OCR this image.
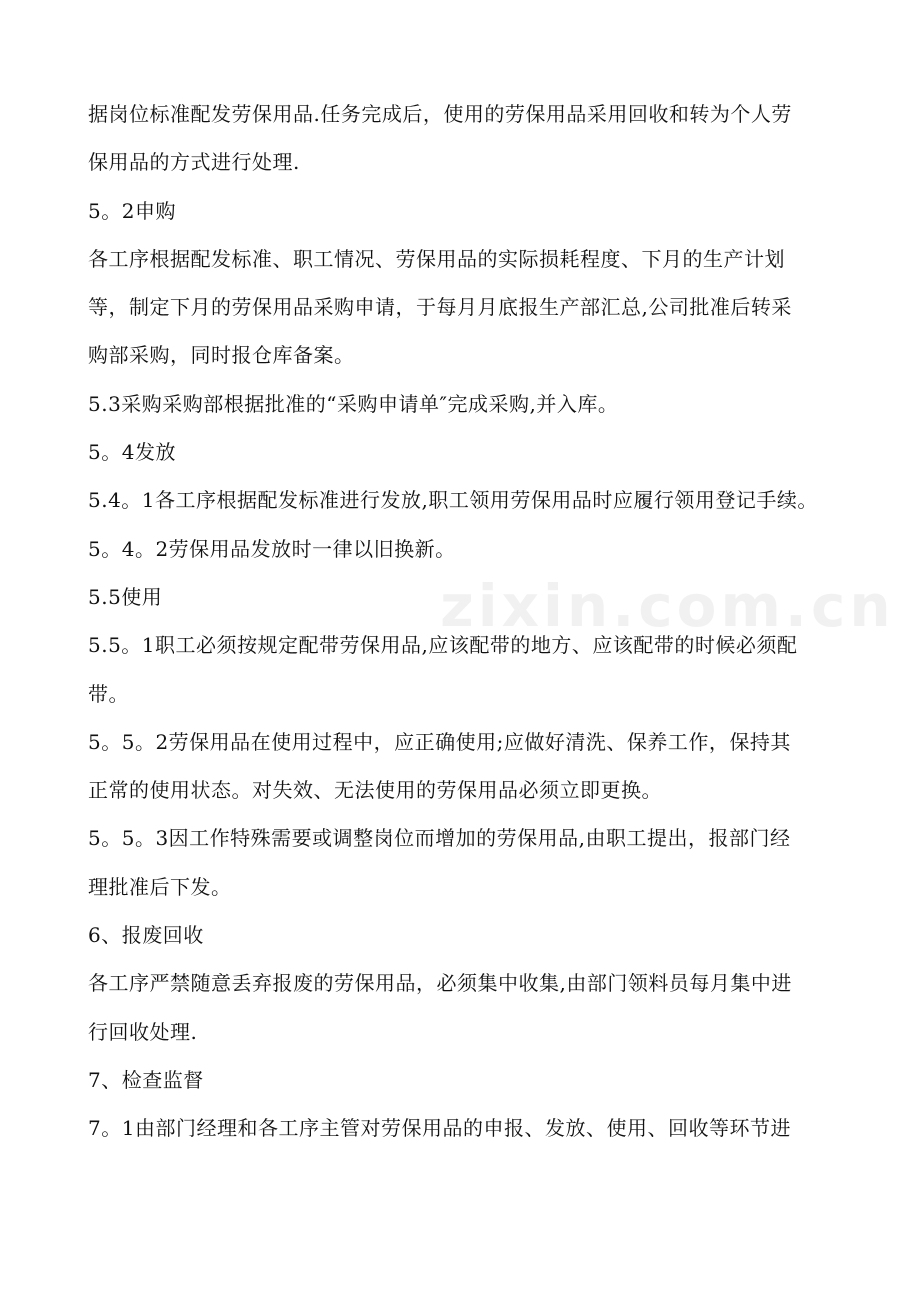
zixin.com.cn
据岗位标准配发劳保用品.任务完成后，使用的劳保用品采用回收和转为个人劳
保用品的方式进行处理.
5。2申购
各工序根据配发标准、职工情况、劳保用品的实际损耗程度、下月的生产计划
等，制定下月的劳保用品采购申请，于每月月底报生产部汇总,公司批准后转采
购部采购，同时报仓库备案。
5.3采购采购部根据批准的“采购申请单″完成采购,并入库。
5。4发放
5.4。1各工序根据配发标准进行发放,职工领用劳保用品时应履行领用登记手续。
5。4。2劳保用品发放时一律以旧换新。
5.5使用
5.5。1职工必须按规定配带劳保用品,应该配带的地方、应该配带的时候必须配
带。
5。5。2劳保用品在使用过程中，应正确使用;应做好清洗、保养工作，保持其
正常的使用状态。对失效、无法使用的劳保用品必须立即更换。
5。5。3因工作特殊需要或调整岗位而增加的劳保用品,由职工提出，报部门经
理批准后下发。
6、报废回收
各工序严禁随意丢弃报废的劳保用品，必须集中收集,由部门领料员每月集中进
行回收处理.
7、检查监督
7。1由部门经理和各工序主管对劳保用品的申报、发放、使用、回收等环节进
